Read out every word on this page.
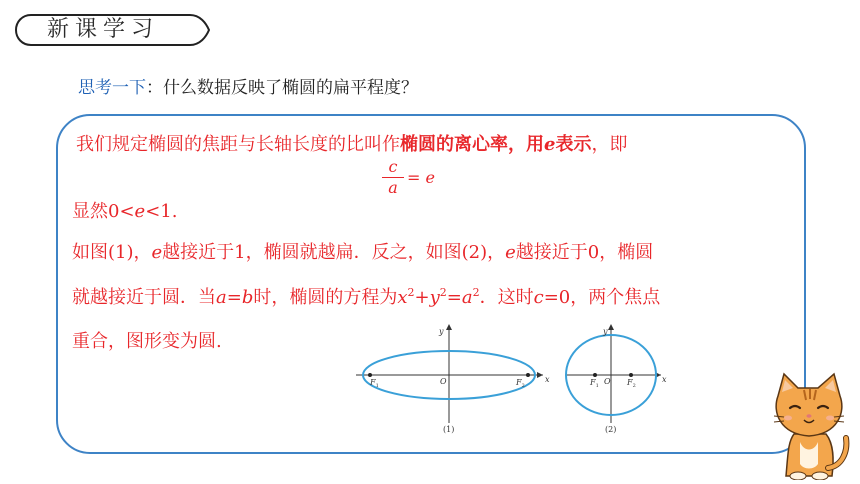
新课学习
思考一下：什么数据反映了椭圆的扁平程度？
我们规定椭圆的焦距与长轴长度的比叫作椭圆的离心率，用e表示，即
c
a
= e
显然0<e<1.
如图(1)，e越接近于1，椭圆就越扁．反之，如图(2)，e越接近于0，椭圆
就越接近于圆．当a=b时，椭圆的方程为$x^2+y^2=a^2$．这时c=0，两个焦点
重合，图形变为圆.	y
x
O
$F_1$	$F_2$
(1)
y
x
O
$F_1$	$F_2$
(2)
